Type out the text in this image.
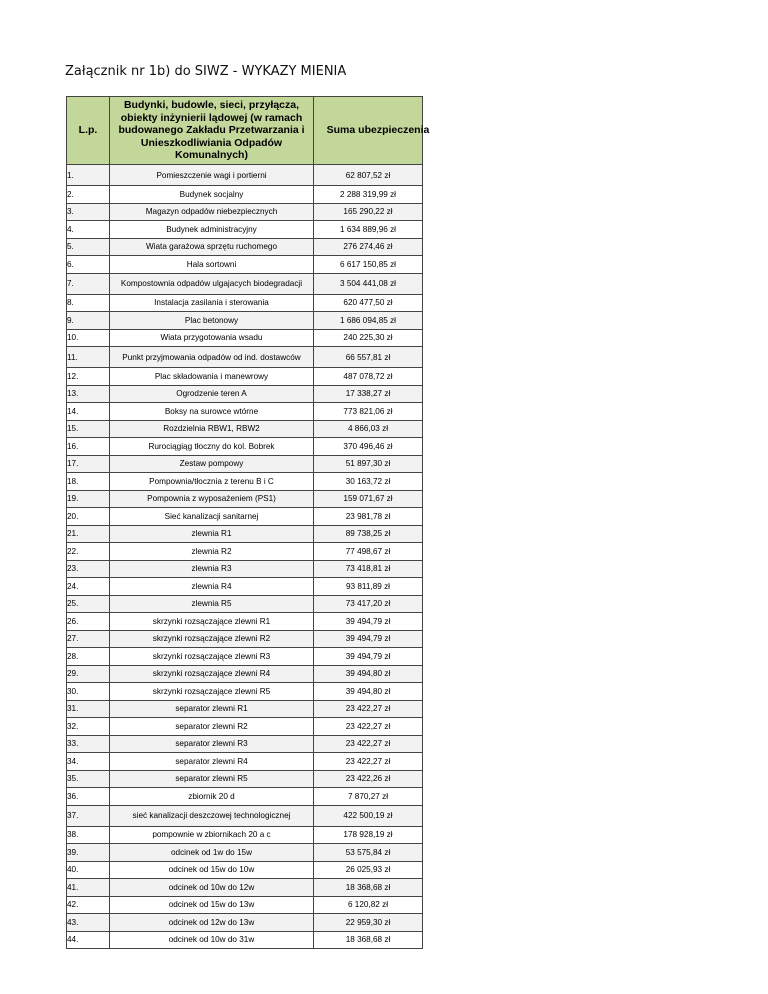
Załącznik nr 1b) do SIWZ - WYKAZY MIENIA
L.p.	Budynki, budowle, sieci, przyłącza, obiekty inżynierii lądowej (w ramach budowanego Zakładu Przetwarzania i Unieszkodliwiania Odpadów Komunalnych)	Suma ubezpieczenia

1.	Pomieszczenie wagi i portierni	62 807,52 zł
2.	Budynek socjalny	2 288 319,99 zł
3.	Magazyn odpadów niebezpiecznych	165 290,22 zł
4.	Budynek administracyjny	1 634 889,96 zł
5.	Wiata garażowa sprzętu ruchomego	276 274,46 zł
6.	Hala sortowni	6 617 150,85 zł
7.	Kompostownia odpadów ulgajacych biodegradacji	3 504 441,08 zł
8.	Instalacja zasilania i sterowania	620 477,50 zł
9.	Plac betonowy	1 686 094,85 zł
10.	Wiata przygotowania wsadu	240 225,30 zł
11.	Punkt przyjmowania odpadów od ind. dostawców	66 557,81 zł
12.	Plac składowania i manewrowy	487 078,72 zł
13.	Ogrodzenie teren A	17 338,27 zł
14.	Boksy na surowce wtórne	773 821,06 zł
15.	Rozdzielnia RBW1, RBW2	4 866,03 zł
16.	Rurociągiąg tłoczny do kol. Bobrek	370 496,46 zł
17.	Zestaw pompowy	51 897,30 zł
18.	Pompownia/tłocznia z terenu B i C	30 163,72 zł
19.	Pompownia z wyposażeniem (PS1)	159 071,67 zł
20.	Sieć kanalizacji sanitarnej	23 981,78 zł
21.	zlewnia R1	89 738,25 zł
22.	zlewnia R2	77 498,67 zł
23.	zlewnia R3	73 418,81 zł
24.	zlewnia R4	93 811,89 zł
25.	zlewnia R5	73 417,20 zł
26.	skrzynki rozsączające zlewni R1	39 494,79 zł
27.	skrzynki rozsączające zlewni R2	39 494,79 zł
28.	skrzynki rozsączające zlewni R3	39 494,79 zł
29.	skrzynki rozsączające zlewni R4	39 494,80 zł
30.	skrzynki rozsączające zlewni R5	39 494,80 zł
31.	separator zlewni R1	23 422,27 zł
32.	separator zlewni R2	23 422,27 zł
33.	separator zlewni R3	23 422,27 zł
34.	separator zlewni R4	23 422,27 zł
35.	separator zlewni R5	23 422,26 zł
36.	zbiornik 20 d	7 870,27 zł
37.	sieć kanalizacji deszczowej technologicznej	422 500,19 zł
38.	pompownie w zbiornikach 20 a c	178 928,19 zł
39.	odcinek od 1w do 15w	53 575,84 zł
40.	odcinek od 15w do 10w	26 025,93 zł
41.	odcinek od 10w do 12w	18 368,68 zł
42.	odcinek od 15w do 13w	6 120,82 zł
43.	odcinek od 12w do 13w	22 959,30 zł
44.	odcinek od 10w do 31w	18 368,68 zł
